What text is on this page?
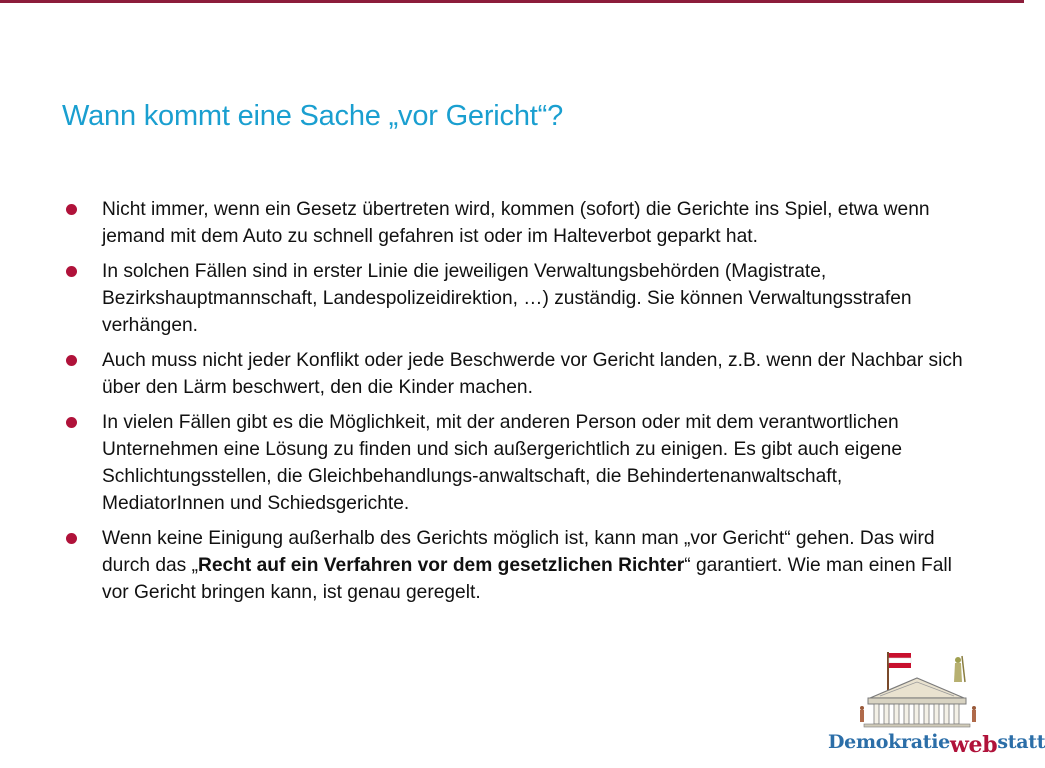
Wann kommt eine Sache „vor Gericht“?
Nicht immer, wenn ein Gesetz übertreten wird, kommen (sofort) die Gerichte ins Spiel, etwa wenn jemand mit dem Auto zu schnell gefahren ist oder im Halteverbot geparkt hat.
In solchen Fällen sind in erster Linie die jeweiligen Verwaltungsbehörden (Magistrate, Bezirkshauptmannschaft, Landespolizeidirektion, …) zuständig. Sie können Verwaltungsstrafen verhängen.
Auch muss nicht jeder Konflikt oder jede Beschwerde vor Gericht landen, z.B. wenn der Nachbar sich über den Lärm beschwert, den die Kinder machen.
In vielen Fällen gibt es die Möglichkeit, mit der anderen Person oder mit dem verantwortlichen Unternehmen eine Lösung zu finden und sich außergerichtlich zu einigen. Es gibt auch eigene Schlichtungsstellen, die Gleichbehandlungs-anwaltschaft, die Behindertenanwaltschaft, MediatorInnen und Schiedsgerichte.
Wenn keine Einigung außerhalb des Gerichts möglich ist, kann man „vor Gericht“ gehen. Das wird durch das „Recht auf ein Verfahren vor dem gesetzlichen Richter“ garantiert. Wie man einen Fall vor Gericht bringen kann, ist genau geregelt.
Demokratiewebstatt
